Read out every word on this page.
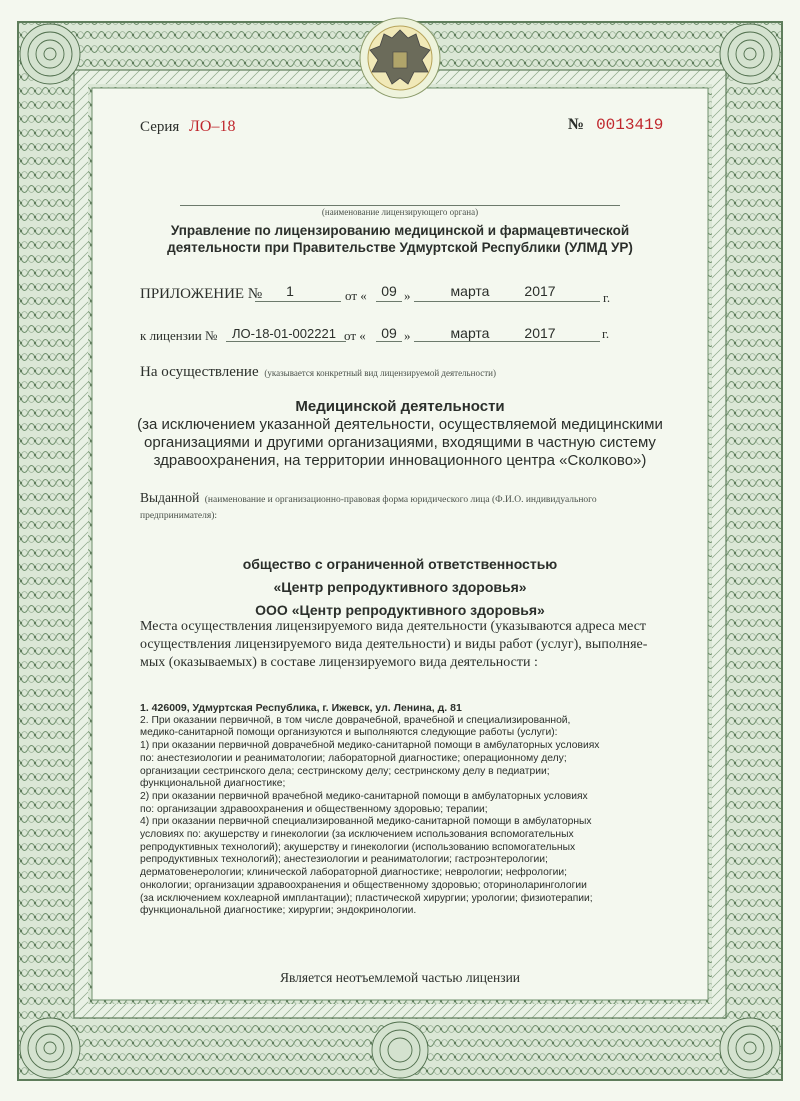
Серия ЛО–18	№ 0013419
(наименование лицензирующего органа)
Управление по лицензированию медицинской и фармацевтической
деятельности при Правительстве Удмуртской Республики (УЛМД УР)
ПРИЛОЖЕНИЕ №	1	от «	09 »	марта	2017	г.
к лицензии № ЛО-18-01-002221 от «	09 »	марта	2017	г.
На осуществление (указывается конкретный вид лицензируемой деятельности)
Медицинской деятельности
(за исключением указанной деятельности, осуществляемой медицинскими
организациями и другими организациями, входящими в частную систему
здравоохранения, на территории инновационного центра «Сколково»)
Выданной (наименование и организационно-правовая форма юридического лица (Ф.И.О. индивидуального
предпринимателя):
общество с ограниченной ответственностью
«Центр репродуктивного здоровья»
ООО «Центр репродуктивного здоровья»
Места осуществления лицензируемого вида деятельности (указываются адреса мест
осуществления лицензируемого вида деятельности) и виды работ (услуг), выполняе-
мых (оказываемых) в составе лицензируемого вида деятельности :
1. 426009, Удмуртская Республика, г. Ижевск, ул. Ленина, д. 81
2. При оказании первичной, в том числе доврачебной, врачебной и специализированной,
медико-санитарной помощи организуются и выполняются следующие работы (услуги):
1) при оказании первичной доврачебной медико-санитарной помощи в амбулаторных условиях
по: анестезиологии и реаниматологии; лабораторной диагностике; операционному делу;
организации сестринского дела; сестринскому делу; сестринскому делу в педиатрии;
функциональной диагностике;
2) при оказании первичной врачебной медико-санитарной помощи в амбулаторных условиях
по: организации здравоохранения и общественному здоровью; терапии;
4) при оказании первичной специализированной медико-санитарной помощи в амбулаторных
условиях по: акушерству и гинекологии (за исключением использования вспомогательных
репродуктивных технологий); акушерству и гинекологии (использованию вспомогательных
репродуктивных технологий); анестезиологии и реаниматологии; гастроэнтерологии;
дерматовенерологии; клинической лабораторной диагностике; неврологии; нефрологии;
онкологии; организации здравоохранения и общественному здоровью; оториноларингологии
(за исключением кохлеарной имплантации); пластической хирургии; урологии; физиотерапии;
функциональной диагностике; хирургии; эндокринологии.
Является неотъемлемой частью лицензии
